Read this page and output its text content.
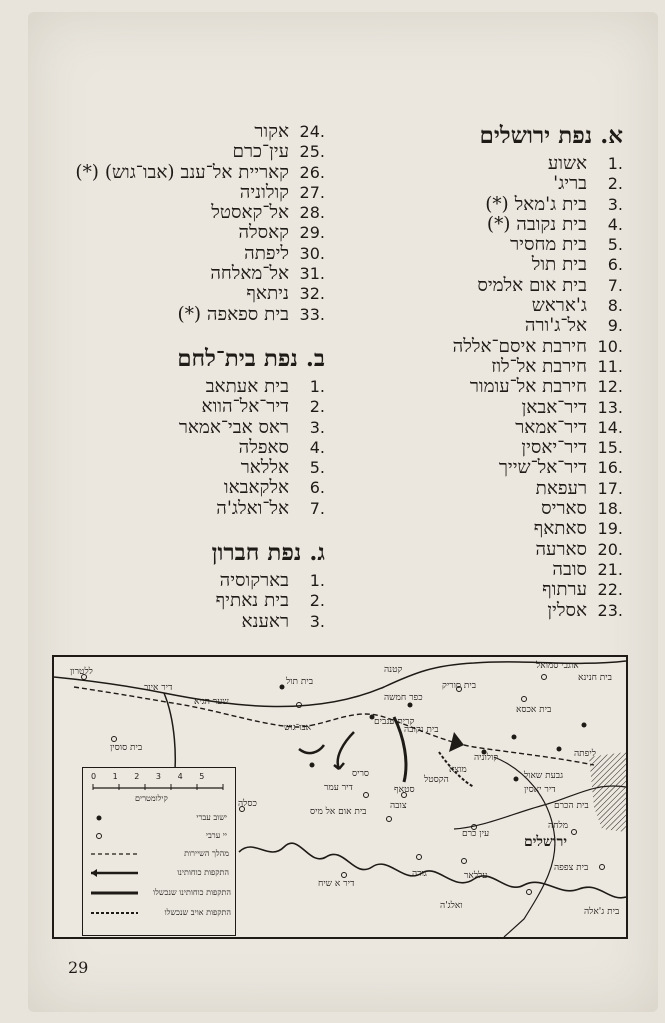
א. נפת ירושלים
1.
אשוע
2.
בריג'
3.
בית ג'מאל (*)
4.
בית נקובה (*)
5.
בית מחסיר
6.
בית תול
7.
בית אום אלמיס
8.
ג'אראש
9.
אל־ג'ורה
10.
חירבת איסם־אללה
11.
חירבת אל־לוז
12.
חירבת אל־עומור
13.
דיר־אבאן
14.
דיר־אמאר
15.
דיר־יאסין
16.
דיר־אל־שייך
17.
רעפאת
18.
סאריס
19.
סאתאף
20.
סארעה
21.
סובה
22.
ערתוף
23.
אסלין
24.
אקור
25.
עין־כרם
26.
קאריית אל־ענב (אבו־גוש) (*)
27.
קולוניה
28.
אל־קאסטל
29.
קאסלה
30.
ליפתה
31.
אל־מאלחה
32.
ניתאף
33.
בית ספאפה (*)
ב. נפת בית־לחם
1.
בית אעתאב
2.
דיר־אל־הווא
3.
ראס אבי־אמאר
4.
סאפלה
5.
אללאר
6.
אלקאבאו
7.
אל־ואלג'ה
ג. נפת חברון
1.
בארקוסיה
2.
בית נאתיף
3.
ראענא
ללטרון
דיר איוב
שער הגיא
בית סוסין
בית תול
קטנה
כפר חמשה
בית סוריק
אוגבי סמואל
בית חנינא
בית אכסא
קרית ענבים
אבו־גוש	בית נקובה
קולוניה
מוצא
ליפתה
גבעת שאול
דיר יאסין
בית הכרם
סריס
הקסטל
דיר עמר	סטאף
צובה
בית אום אל מיס
כסלה
עין כרם ירושלים
מלחה
בית צפפה
גורה
דיר א שיח
עללאר
ואלג'ה
בית ג'אלה
0 1 2 3 4 5
קילומטרים
ישוב עברי
יי ערבי
מהלך השיירות
התקפות כוחותינו
התקפות כוחותינו שנכשלו
התקפות אויב שנכשלו
29
